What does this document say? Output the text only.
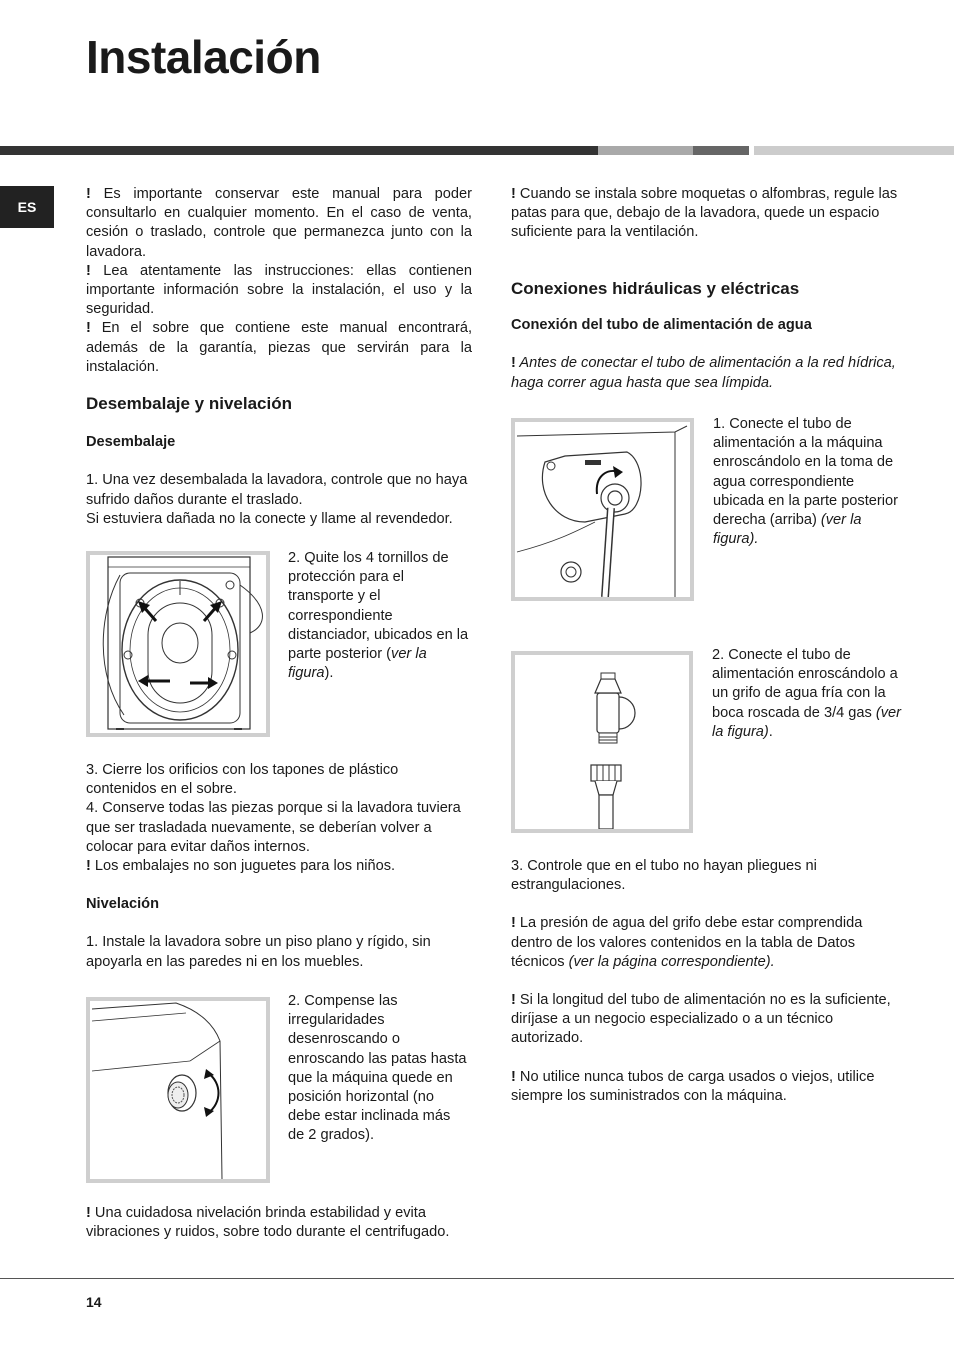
Instalación
ES

! Es importante conservar este manual para poder consultarlo en cualquier momento. En el caso de venta, cesión o traslado, controle que permanezca junto con la lavadora.

! Lea atentamente las instrucciones: ellas contienen importante información sobre la instalación, el uso y la seguridad.

! En el sobre que contiene este manual encontrará, además de la garantía, piezas que servirán para la instalación.

Desembalaje y nivelación

Desembalaje

1. Una vez desembalada la lavadora, controle que no haya sufrido daños durante el traslado.

Si estuviera dañada no la conecte y llame al revendedor.

2. Quite los 4 tornillos de protección para el transporte y el correspondiente distanciador, ubicados en la parte posterior (ver la figura).

3. Cierre los orificios con los tapones de plástico contenidos en el sobre.

4. Conserve todas las piezas porque si la lavadora tuviera que ser trasladada nuevamente, se deberían volver a colocar para evitar daños internos.

! Los embalajes no son juguetes para los niños.

Nivelación

1. Instale la lavadora sobre un piso plano y rígido, sin apoyarla en las paredes ni en los muebles.

2. Compense las irregularidades desenroscando o enroscando las patas hasta que la máquina quede en posición horizontal (no debe estar inclinada más de 2 grados).

! Una cuidadosa nivelación brinda estabilidad y evita vibraciones y ruidos, sobre todo durante el centrifugado.

! Cuando se instala sobre moquetas o alfombras, regule las patas para que, debajo de la lavadora, quede un espacio suficiente para la ventilación.

Conexiones hidráulicas y eléctricas

Conexión del tubo de alimentación de agua

! Antes de conectar el tubo de alimentación a la red hídrica, haga correr agua hasta que sea límpida.

1. Conecte el tubo de alimentación a la máquina enroscándolo en la toma de agua correspondiente ubicada en la parte posterior derecha (arriba) (ver la figura).

2. Conecte el tubo de alimentación enroscándolo a un grifo de agua fría con la boca roscada de 3/4 gas (ver la figura).

3. Controle que en el tubo no hayan pliegues ni estrangulaciones.

! La presión de agua del grifo debe estar comprendida dentro de los valores contenidos en la tabla de Datos técnicos (ver la página correspondiente).

! Si la longitud del tubo de alimentación no es la suficiente, diríjase a un negocio especializado o a un técnico autorizado.

! No utilice nunca tubos de carga usados o viejos, utilice siempre los suministrados con la máquina.

14
